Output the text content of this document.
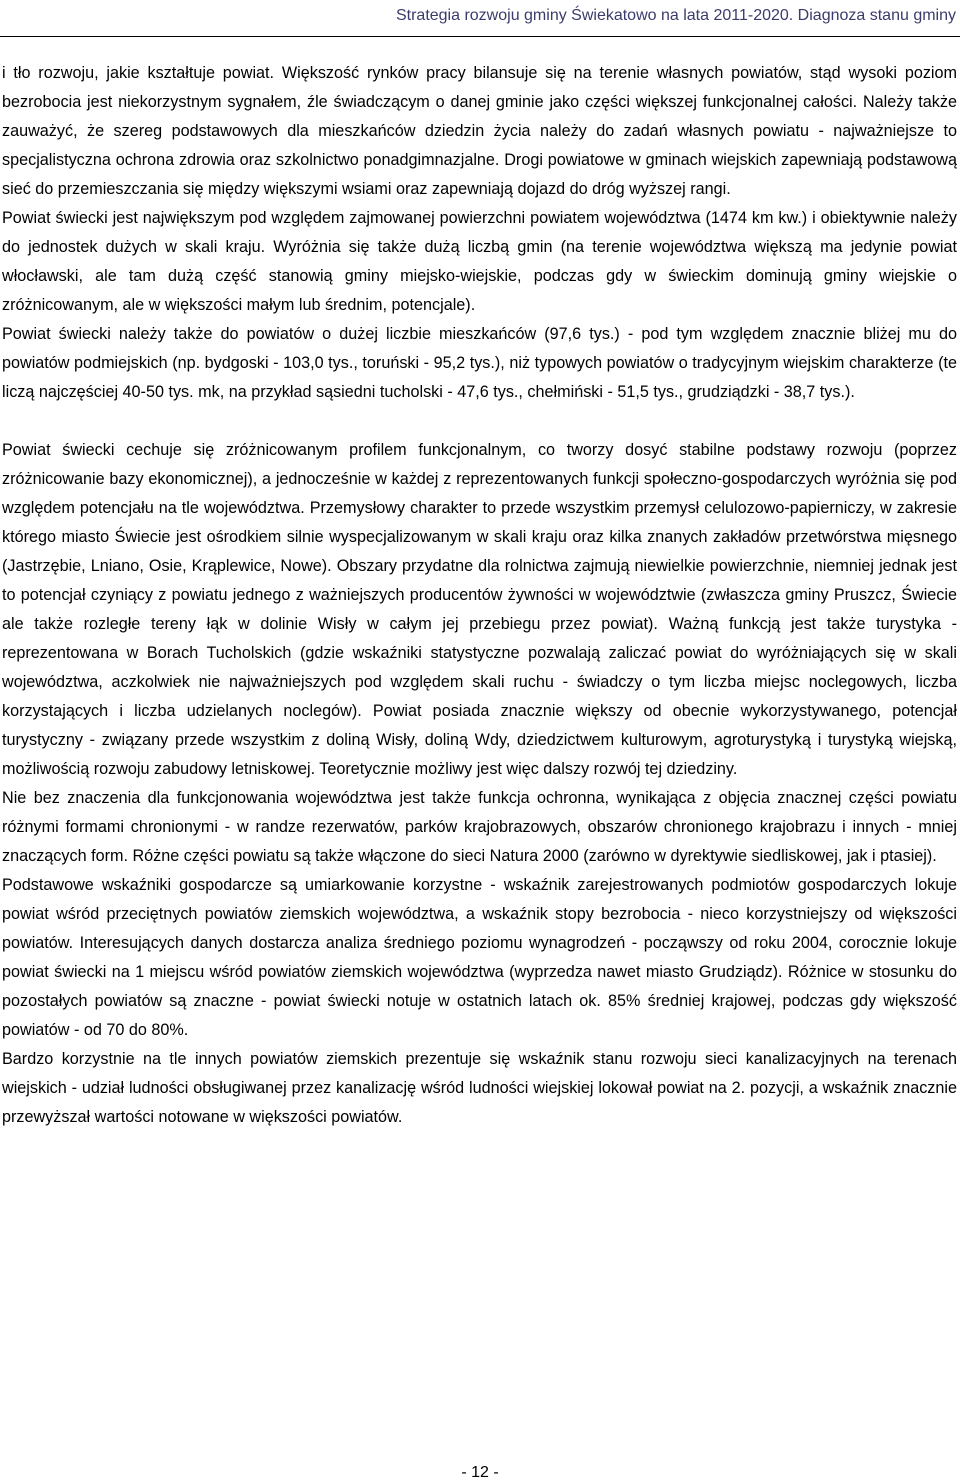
Strategia rozwoju gminy Świekatowo na lata 2011-2020. Diagnoza stanu gminy

i tło rozwoju, jakie kształtuje powiat. Większość rynków pracy bilansuje się na terenie własnych powiatów, stąd wysoki poziom bezrobocia jest niekorzystnym sygnałem, źle świadczącym o danej gminie jako części większej funkcjonalnej całości. Należy także zauważyć, że szereg podstawowych dla mieszkańców dziedzin życia należy do zadań własnych powiatu - najważniejsze to specjalistyczna ochrona zdrowia oraz szkolnictwo ponadgimnazjalne. Drogi powiatowe w gminach wiejskich zapewniają podstawową sieć do przemieszczania się między większymi wsiami oraz zapewniają dojazd do dróg wyższej rangi.

Powiat świecki jest największym pod względem zajmowanej powierzchni powiatem województwa (1474 km kw.) i obiektywnie należy do jednostek dużych w skali kraju. Wyróżnia się także dużą liczbą gmin (na terenie województwa większą ma jedynie powiat włocławski, ale tam dużą część stanowią gminy miejsko-wiejskie, podczas gdy w świeckim dominują gminy wiejskie o zróżnicowanym, ale w większości małym lub średnim, potencjale).

Powiat świecki należy także do powiatów o dużej liczbie mieszkańców (97,6 tys.) - pod tym względem znacznie bliżej mu do powiatów podmiejskich (np. bydgoski - 103,0 tys., toruński - 95,2 tys.), niż typowych powiatów o tradycyjnym wiejskim charakterze (te liczą najczęściej 40-50 tys. mk, na przykład sąsiedni tucholski - 47,6 tys., chełmiński - 51,5 tys., grudziądzki - 38,7 tys.).

Powiat świecki cechuje się zróżnicowanym profilem funkcjonalnym, co tworzy dosyć stabilne podstawy rozwoju (poprzez zróżnicowanie bazy ekonomicznej), a jednocześnie w każdej z reprezentowanych funkcji społeczno-gospodarczych wyróżnia się pod względem potencjału na tle województwa. Przemysłowy charakter to przede wszystkim przemysł celulozowo-papierniczy, w zakresie którego miasto Świecie jest ośrodkiem silnie wyspecjalizowanym w skali kraju oraz kilka znanych zakładów przetwórstwa mięsnego (Jastrzębie, Lniano, Osie, Krąplewice, Nowe). Obszary przydatne dla rolnictwa zajmują niewielkie powierzchnie, niemniej jednak jest to potencjał czyniący z powiatu jednego z ważniejszych producentów żywności w województwie (zwłaszcza gminy Pruszcz, Świecie ale także rozległe tereny łąk w dolinie Wisły w całym jej przebiegu przez powiat). Ważną funkcją jest także turystyka - reprezentowana w Borach Tucholskich (gdzie wskaźniki statystyczne pozwalają zaliczać powiat do wyróżniających się w skali województwa, aczkolwiek nie najważniejszych pod względem skali ruchu - świadczy o tym liczba miejsc noclegowych, liczba korzystających i liczba udzielanych noclegów). Powiat posiada znacznie większy od obecnie wykorzystywanego, potencjał turystyczny - związany przede wszystkim z doliną Wisły, doliną Wdy, dziedzictwem kulturowym, agroturystyką i turystyką wiejską, możliwością rozwoju zabudowy letniskowej. Teoretycznie możliwy jest więc dalszy rozwój tej dziedziny.

Nie bez znaczenia dla funkcjonowania województwa jest także funkcja ochronna, wynikająca z objęcia znacznej części powiatu różnymi formami chronionymi - w randze rezerwatów, parków krajobrazowych, obszarów chronionego krajobrazu i innych - mniej znaczących form. Różne części powiatu są także włączone do sieci Natura 2000 (zarówno w dyrektywie siedliskowej, jak i ptasiej).

Podstawowe wskaźniki gospodarcze są umiarkowanie korzystne - wskaźnik zarejestrowanych podmiotów gospodarczych lokuje powiat wśród przeciętnych powiatów ziemskich województwa, a wskaźnik stopy bezrobocia - nieco korzystniejszy od większości powiatów. Interesujących danych dostarcza analiza średniego poziomu wynagrodzeń - począwszy od roku 2004, corocznie lokuje powiat świecki na 1 miejscu wśród powiatów ziemskich województwa (wyprzedza nawet miasto Grudziądz). Różnice w stosunku do pozostałych powiatów są znaczne - powiat świecki notuje w ostatnich latach ok. 85% średniej krajowej, podczas gdy większość powiatów - od 70 do 80%.

Bardzo korzystnie na tle innych powiatów ziemskich prezentuje się wskaźnik stanu rozwoju sieci kanalizacyjnych na terenach wiejskich - udział ludności obsługiwanej przez kanalizację wśród ludności wiejskiej lokował powiat na 2. pozycji, a wskaźnik znacznie przewyższał wartości notowane w większości powiatów.

- 12 -
